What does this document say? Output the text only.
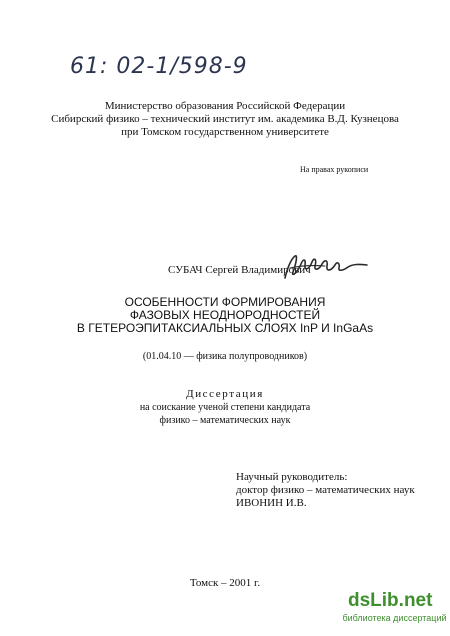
61: 02-1/598-9
Министерство образования Российской Федерации
Сибирский физико – технический институт им. академика В.Д. Кузнецова
при Томском государственном университете
На правах рукописи
СУБАЧ Сергей Владимирович
ОСОБЕННОСТИ ФОРМИРОВАНИЯ
ФАЗОВЫХ НЕОДНОРОДНОСТЕЙ
В ГЕТЕРОЭПИТАКСИАЛЬНЫХ СЛОЯХ InP И InGaAs
(01.04.10 — физика полупроводников)
Диссертация
на соискание ученой степени кандидата
физико – математических наук
Научный руководитель:
доктор физико – математических наук
ИВОНИН И.В.
Томск – 2001 г.
dsLib.net
библиотека диссертаций
